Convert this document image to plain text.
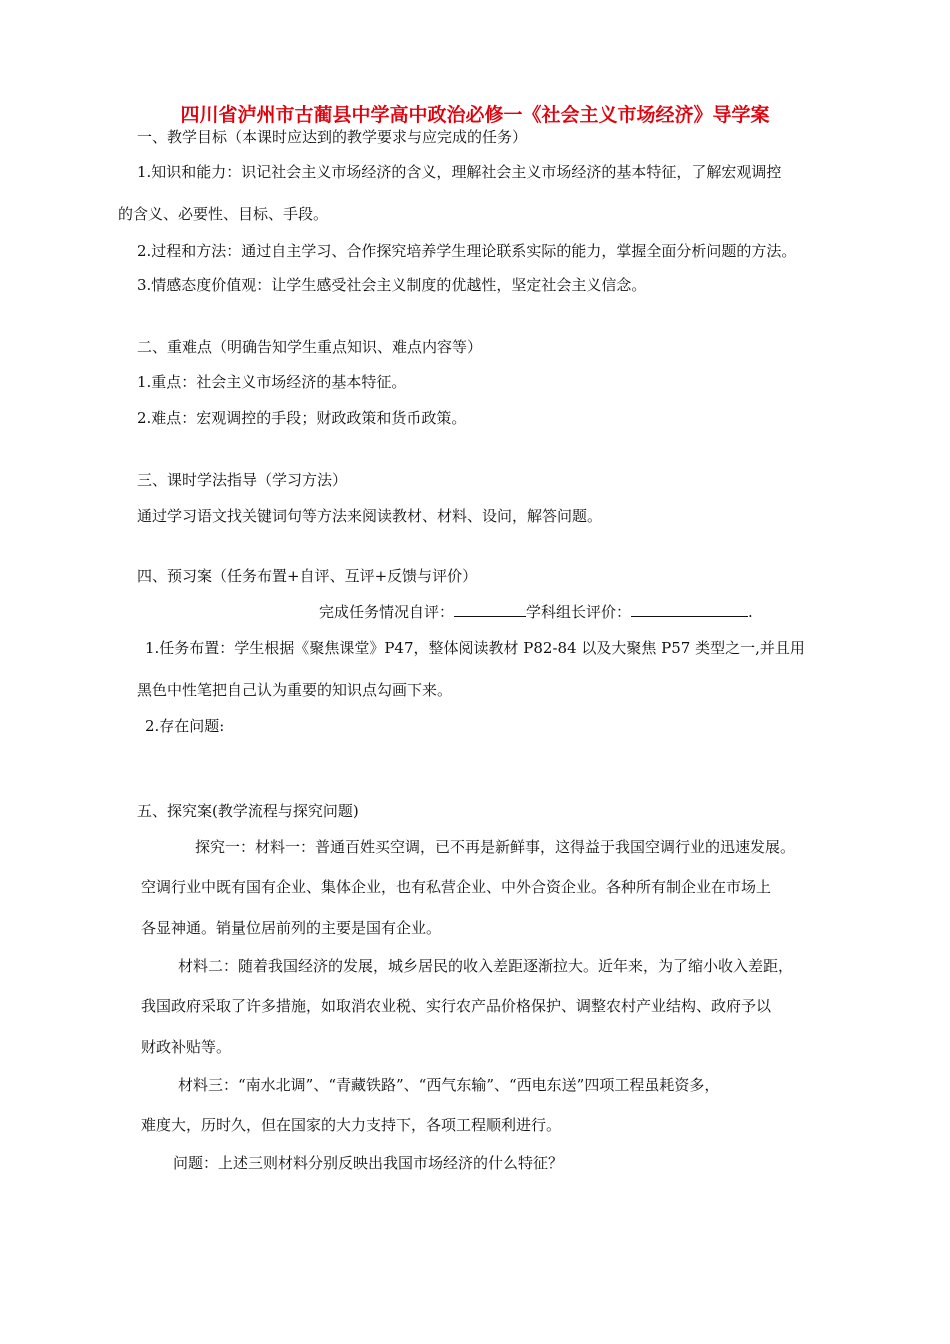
四川省泸州市古蔺县中学高中政治必修一《社会主义市场经济》导学案
一、教学目标（本课时应达到的教学要求与应完成的任务）
1.知识和能力：识记社会主义市场经济的含义，理解社会主义市场经济的基本特征，了解宏观调控
的含义、必要性、目标、手段。
2.过程和方法：通过自主学习、合作探究培养学生理论联系实际的能力，掌握全面分析问题的方法。
3.情感态度价值观：让学生感受社会主义制度的优越性，坚定社会主义信念。
二、重难点（明确告知学生重点知识、难点内容等）
1.重点：社会主义市场经济的基本特征。
2.难点：宏观调控的手段；财政政策和货币政策。
三、课时学法指导（学习方法）
通过学习语文找关键词句等方法来阅读教材、材料、设问，解答问题。
四、预习案（任务布置+自评、互评+反馈与评价）
完成任务情况自评：	学科组长评价：	.
1.任务布置：学生根据《聚焦课堂》P47，整体阅读教材 P82-84 以及大聚焦 P57 类型之一,并且用
黑色中性笔把自己认为重要的知识点勾画下来。
2.存在问题:
五、探究案(教学流程与探究问题)
探究一：材料一：普通百姓买空调，已不再是新鲜事，这得益于我国空调行业的迅速发展。
空调行业中既有国有企业、集体企业，也有私营企业、中外合资企业。各种所有制企业在市场上
各显神通。销量位居前列的主要是国有企业。
材料二：随着我国经济的发展，城乡居民的收入差距逐渐拉大。近年来，为了缩小收入差距，
我国政府采取了许多措施，如取消农业税、实行农产品价格保护、调整农村产业结构、政府予以
财政补贴等。
材料三：“南水北调”、“青藏铁路”、“西气东输”、“西电东送”四项工程虽耗资多，
难度大，历时久，但在国家的大力支持下，各项工程顺利进行。
问题：上述三则材料分别反映出我国市场经济的什么特征？
